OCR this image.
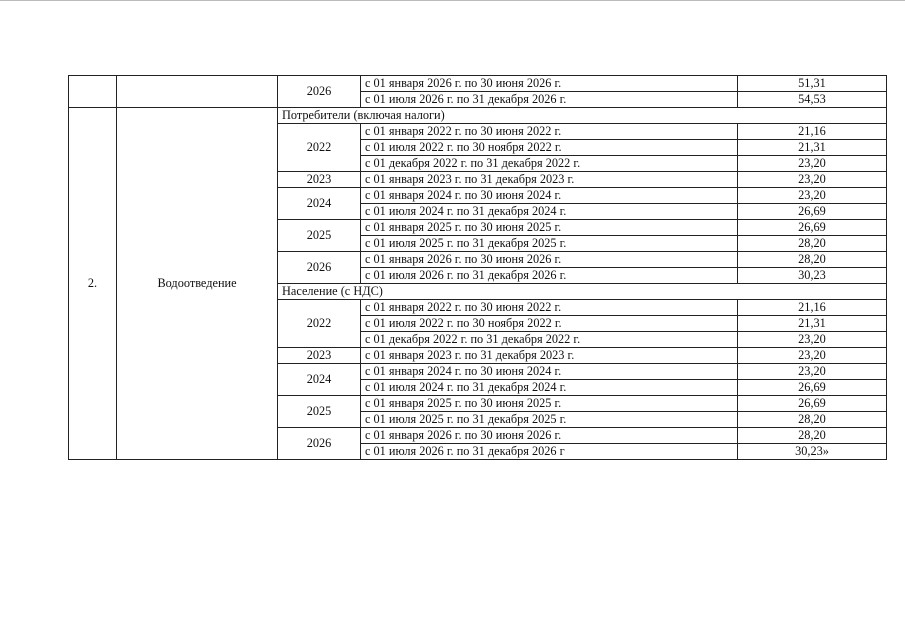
		2026	с 01 января 2026 г. по 30 июня 2026 г.	51,31
			с 01 июля 2026 г. по 31 декабря 2026 г.	54,53
2.	Водоотведение	Потребители (включая налоги)		
		2022	с 01 января 2022 г. по 30 июня 2022 г.	21,16
			с 01 июля 2022 г. по 30 ноября 2022 г.	21,31
			с 01 декабря 2022 г. по 31 декабря 2022 г.	23,20
		2023	с 01 января 2023 г. по 31 декабря 2023 г.	23,20
		2024	с 01 января 2024 г. по 30 июня 2024 г.	23,20
			с 01 июля 2024 г. по 31 декабря 2024 г.	26,69
		2025	с 01 января 2025 г. по 30 июня 2025 г.	26,69
			с 01 июля 2025 г. по 31 декабря 2025 г.	28,20
		2026	с 01 января 2026 г. по 30 июня 2026 г.	28,20
			с 01 июля 2026 г. по 31 декабря 2026 г.	30,23
		Население (с НДС)		
		2022	с 01 января 2022 г. по 30 июня 2022 г.	21,16
			с 01 июля 2022 г. по 30 ноября 2022 г.	21,31
			с 01 декабря 2022 г. по 31 декабря 2022 г.	23,20
		2023	с 01 января 2023 г. по 31 декабря 2023 г.	23,20
		2024	с 01 января 2024 г. по 30 июня 2024 г.	23,20
			с 01 июля 2024 г. по 31 декабря 2024 г.	26,69
		2025	с 01 января 2025 г. по 30 июня 2025 г.	26,69
			с 01 июля 2025 г. по 31 декабря 2025 г.	28,20
		2026	с 01 января 2026 г. по 30 июня 2026 г.	28,20
			с 01 июля 2026 г. по 31 декабря 2026 г	30,23»
